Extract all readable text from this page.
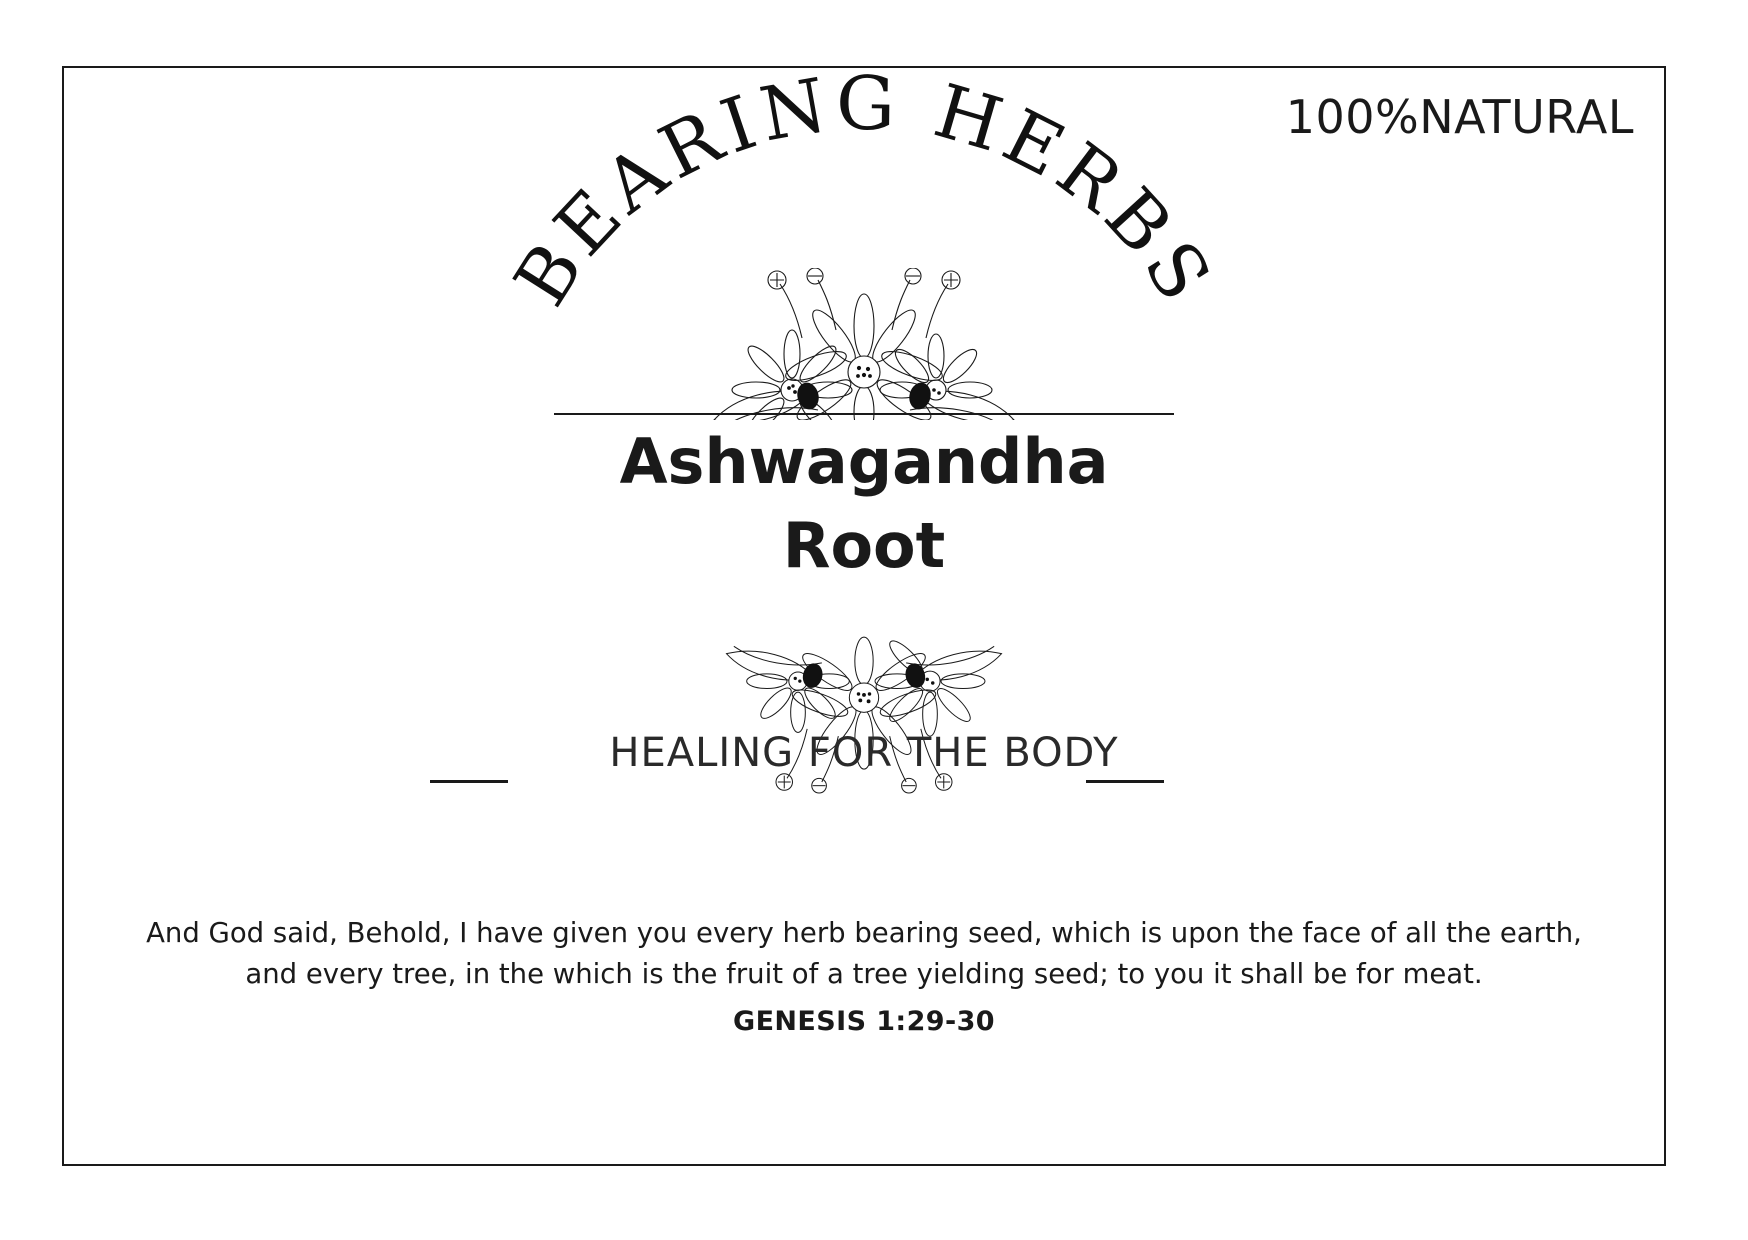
100%NATURAL
BEARING HERBS
Ashwagandha
Root
HEALING FOR THE BODY
And God said, Behold, I have given you every herb bearing seed, which is upon the face of all the earth, and every tree, in the which is the fruit of a tree yielding seed; to you it shall be for meat.
GENESIS 1:29-30
